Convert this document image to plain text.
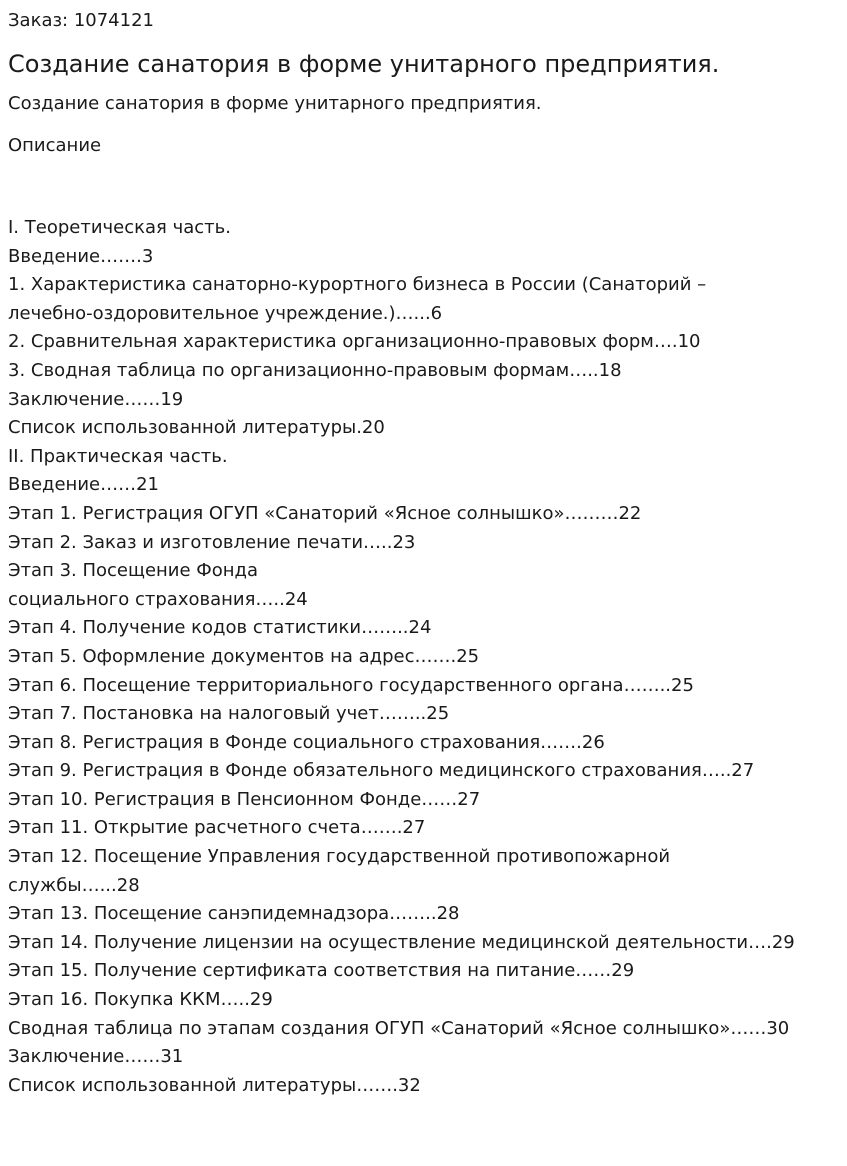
Заказ: 1074121

Создание санатория в форме унитарного предприятия.

Создание санатория в форме унитарного предприятия.

Описание

I. Теоретическая часть.

Введение…….3

1. Характеристика санаторно-курортного бизнеса в России (Санаторий –

лечебно-оздоровительное учреждение.)…...6

2. Сравнительная характеристика организационно-правовых форм….10

3. Сводная таблица по организационно-правовым формам…..18

Заключение……19

Список использованной литературы.20

II. Практическая часть.

Введение……21

Этап 1. Регистрация ОГУП «Санаторий «Ясное солнышко»………22

Этап 2. Заказ и изготовление печати…..23

Этап 3. Посещение Фонда

социального страхования…..24

Этап 4. Получение кодов статистики……..24

Этап 5. Оформление документов на адрес…….25

Этап 6. Посещение территориального государственного органа……..25

Этап 7. Постановка на налоговый учет……..25

Этап 8. Регистрация в Фонде социального страхования…….26

Этап 9. Регистрация в Фонде обязательного медицинского страхования…..27

Этап 10. Регистрация в Пенсионном Фонде……27

Этап 11. Открытие расчетного счета…….27

Этап 12. Посещение Управления государственной противопожарной

службы…...28

Этап 13. Посещение санэпидемнадзора……..28

Этап 14. Получение лицензии на осуществление медицинской деятельности….29

Этап 15. Получение сертификата соответствия на питание……29

Этап 16. Покупка ККМ…..29

Сводная таблица по этапам создания ОГУП «Санаторий «Ясное солнышко»……30

Заключение……31

Список использованной литературы…….32
